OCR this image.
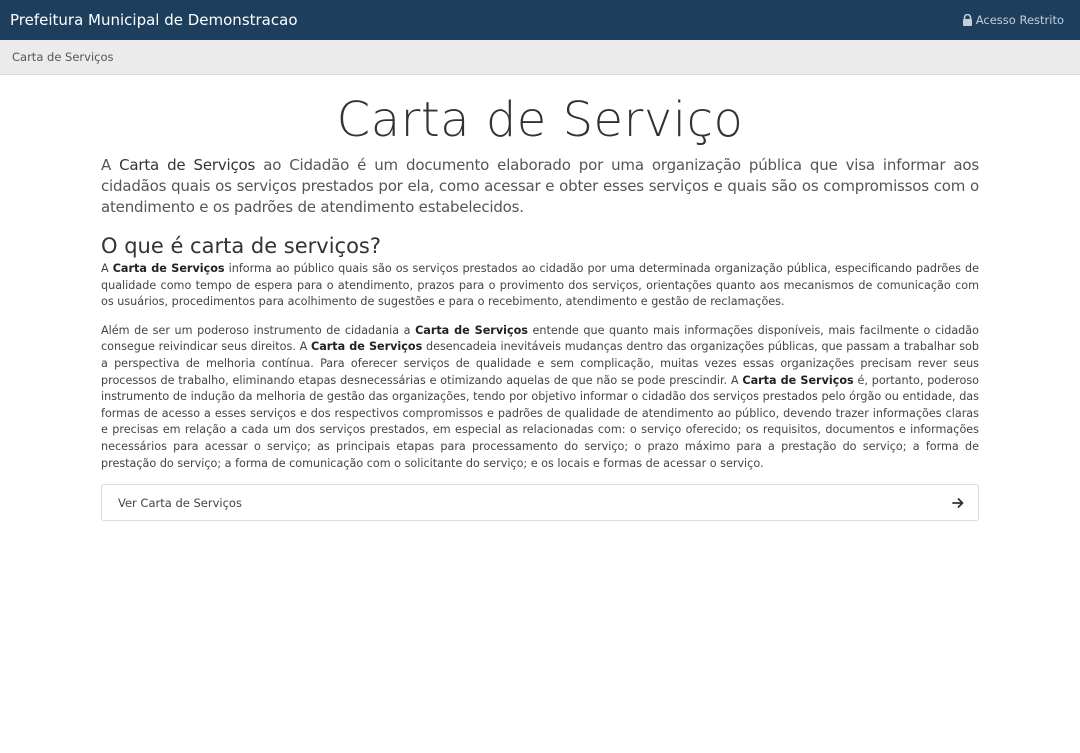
Prefeitura Municipal de Demonstracao	Acesso Restrito
Carta de Serviços
Carta de Serviço

A Carta de Serviços ao Cidadão é um documento elaborado por uma organização pública que visa informar aos cidadãos quais os serviços prestados por ela, como acessar e obter esses serviços e quais são os compromissos com o atendimento e os padrões de atendimento estabelecidos.

O que é carta de serviços?

A Carta de Serviços informa ao público quais são os serviços prestados ao cidadão por uma determinada organização pública, especificando padrões de qualidade como tempo de espera para o atendimento, prazos para o provimento dos serviços, orientações quanto aos mecanismos de comunicação com os usuários, procedimentos para acolhimento de sugestões e para o recebimento, atendimento e gestão de reclamações.

Além de ser um poderoso instrumento de cidadania a Carta de Serviços entende que quanto mais informações disponíveis, mais facilmente o cidadão consegue reivindicar seus direitos. A Carta de Serviços desencadeia inevitáveis mudanças dentro das organizações públicas, que passam a trabalhar sob a perspectiva de melhoria contínua. Para oferecer serviços de qualidade e sem complicação, muitas vezes essas organizações precisam rever seus processos de trabalho, eliminando etapas desnecessárias e otimizando aquelas de que não se pode prescindir. A Carta de Serviços é, portanto, poderoso instrumento de indução da melhoria de gestão das organizações, tendo por objetivo informar o cidadão dos serviços prestados pelo órgão ou entidade, das formas de acesso a esses serviços e dos respectivos compromissos e padrões de qualidade de atendimento ao público, devendo trazer informações claras e precisas em relação a cada um dos serviços prestados, em especial as relacionadas com: o serviço oferecido; os requisitos, documentos e informações necessários para acessar o serviço; as principais etapas para processamento do serviço; o prazo máximo para a prestação do serviço; a forma de prestação do serviço; a forma de comunicação com o solicitante do serviço; e os locais e formas de acessar o serviço.

Ver Carta de Serviços
